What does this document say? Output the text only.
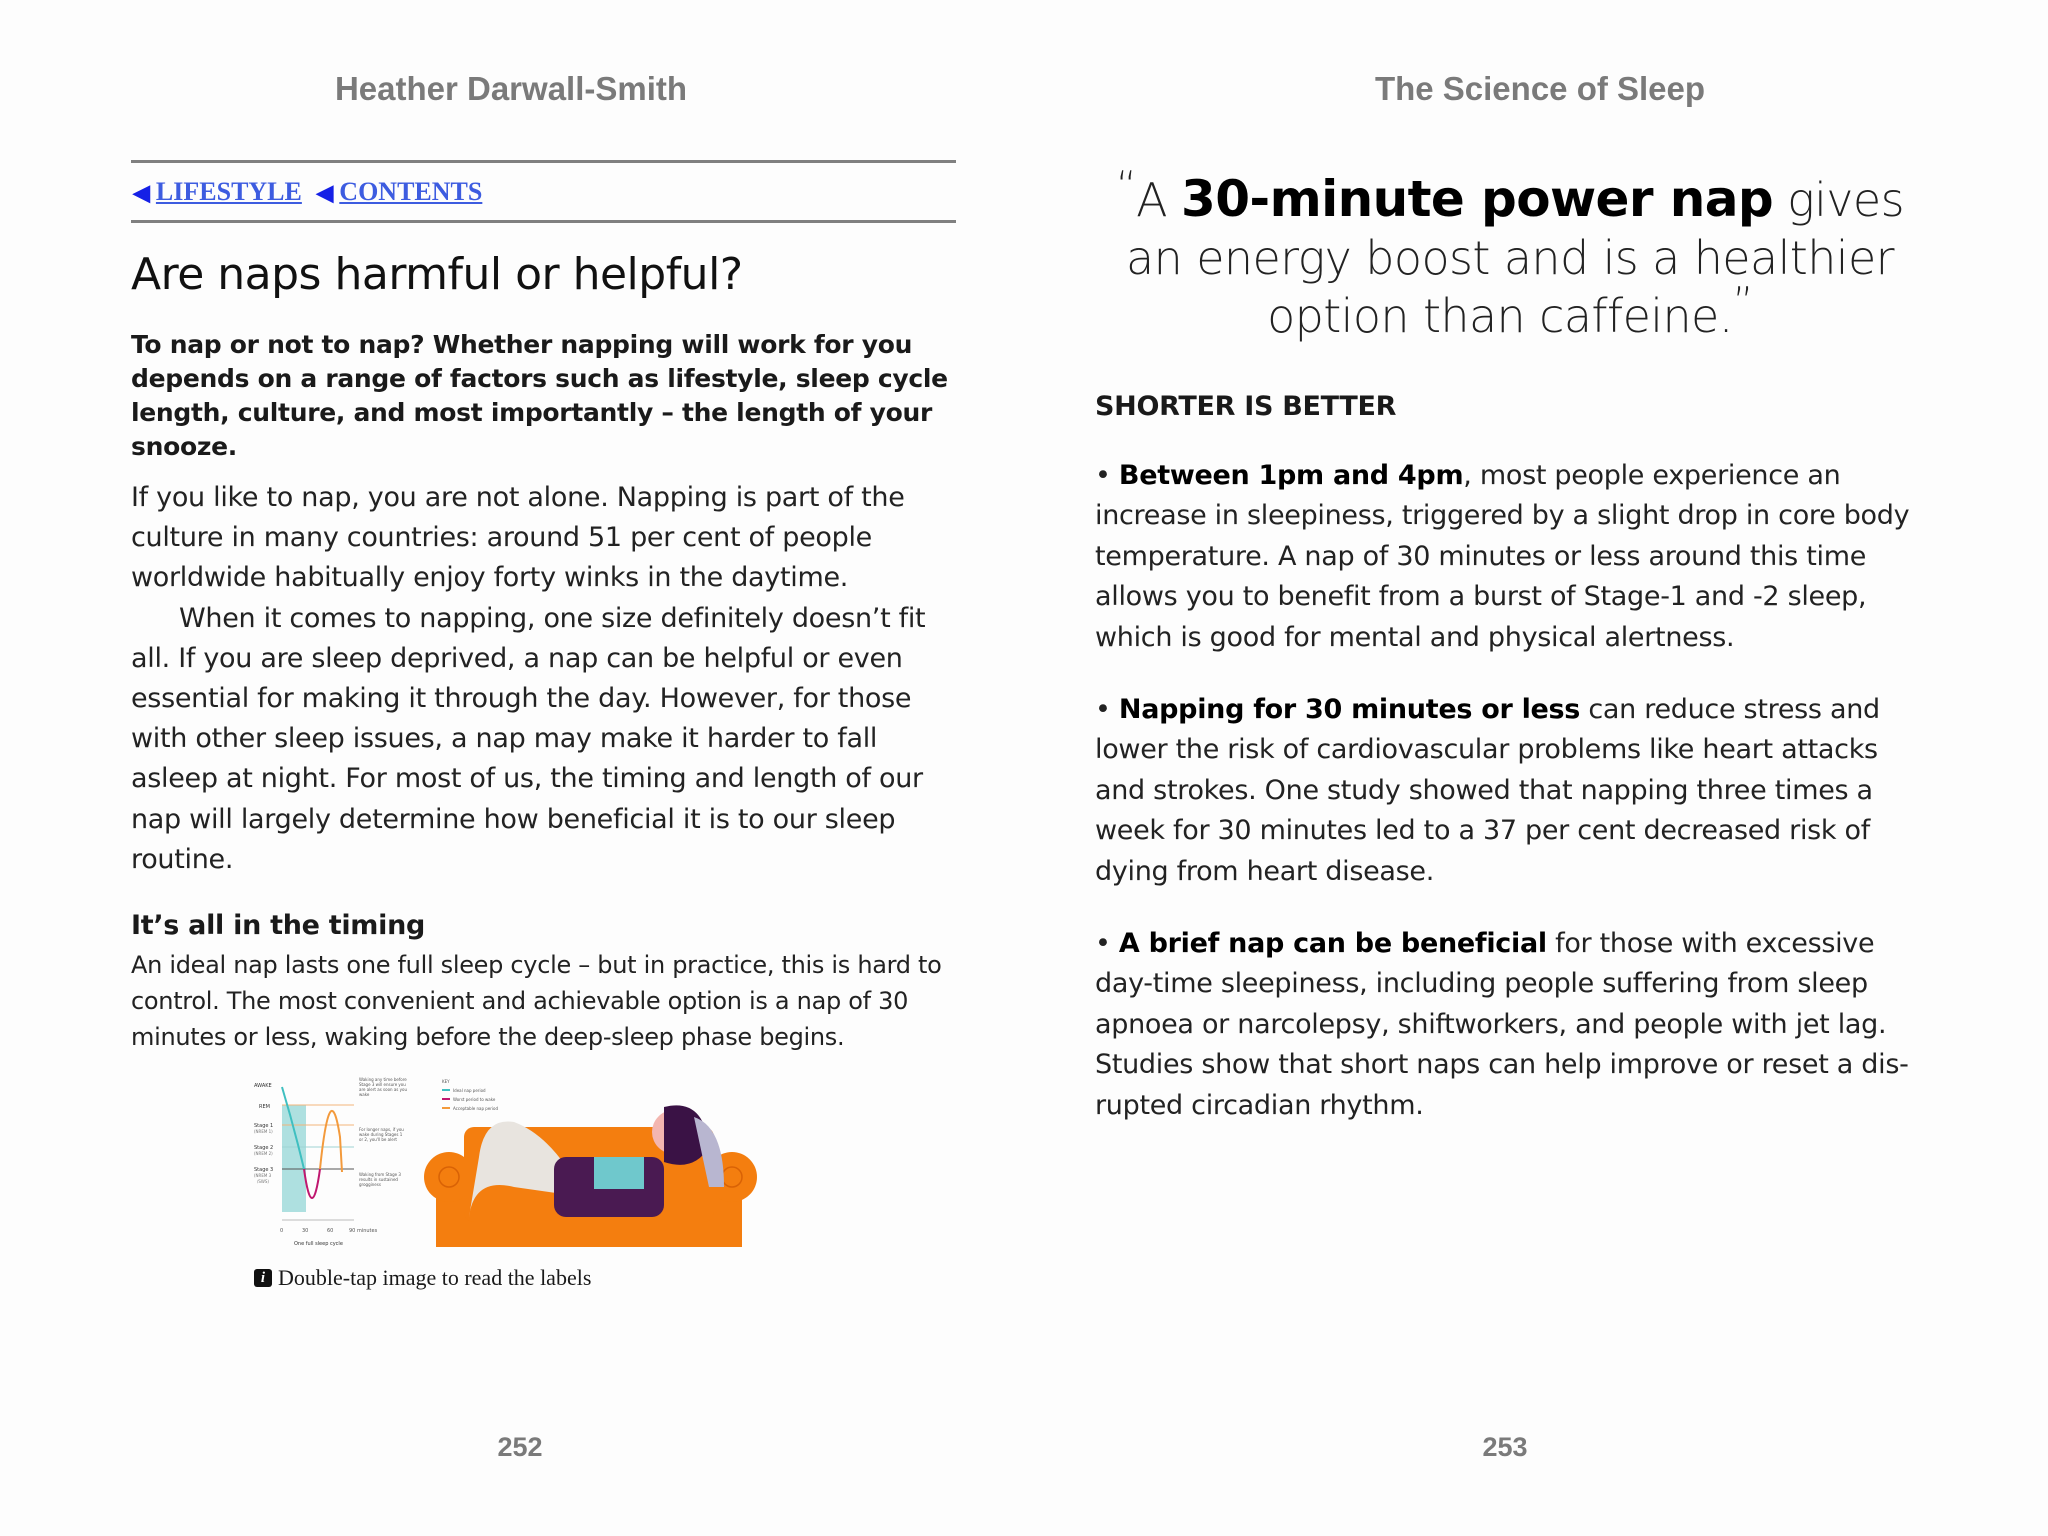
Heather Darwall-Smith	The Science of Sleep
◀ LIFESTYLE ◀ CONTENTS
Are naps harmful or helpful?

To nap or not to nap? Whether napping will work for you depends on a range of factors such as lifestyle, sleep cycle length, culture, and most importantly – the length of your snooze.

If you like to nap, you are not alone. Napping is part of the culture in many countries: around 51 per cent of people worldwide habitually enjoy forty winks in the daytime.

When it comes to napping, one size definitely doesn’t fit all. If you are sleep deprived, a nap can be helpful or even essential for making it through the day. However, for those with other sleep issues, a nap may make it harder to fall asleep at night. For most of us, the timing and length of our nap will largely determine how beneficial it is to our sleep routine.

It’s all in the timing

An ideal nap lasts one full sleep cycle – but in practice, this is hard to control. The most convenient and achievable option is a nap of 30 minutes or less, waking before the deep-sleep phase begins.

AWAKE
REM
Stage 1
(NREM 1)
Stage 2
(NREM 2)
Stage 3
(NREM 3
/SWS)
0	30	60	90 minutes
One full sleep cycle
Waking any time before Stage 3 will ensure you are alert as soon as you wake
For longer naps, if you wake during Stages 1 or 2, you'll be alert
Waking from Stage 3 results in sustained grogginess
KEY
Ideal nap period
Worst period to wake
Acceptable nap period
i Double-tap image to read the labels
252
“A 30-minute power nap gives an energy boost and is a healthier option than caffeine.”
SHORTER IS BETTER

• Between 1pm and 4pm, most people experience an increase in sleepiness, triggered by a slight drop in core body temperature. A nap of 30 minutes or less around this time allows you to benefit from a burst of Stage-1 and -2 sleep, which is good for mental and physical alertness.

• Napping for 30 minutes or less can reduce stress and lower the risk of cardiovascular problems like heart attacks and strokes. One study showed that napping three times a week for 30 minutes led to a 37 per cent decreased risk of dying from heart disease.

• A brief nap can be beneficial for those with excessive day-time sleepiness, including people suffering from sleep apnoea or narcolepsy, shiftworkers, and people with jet lag. Studies show that short naps can help improve or reset a dis-rupted circadian rhythm.

253
